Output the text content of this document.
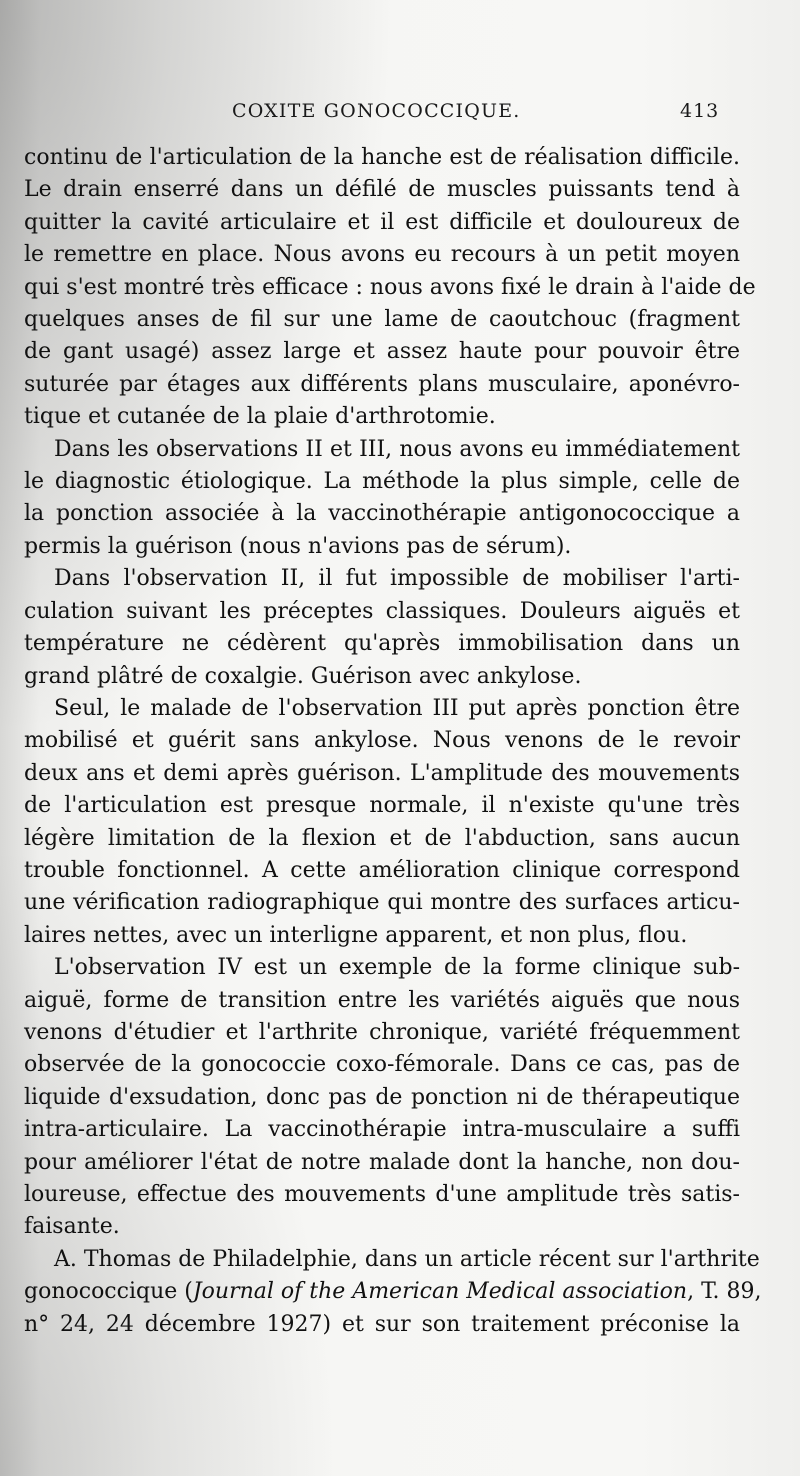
COXITE GONOCOCCIQUE.	413
continu de l'articulation de la hanche est de réalisation difficile.
Le drain enserré dans un défilé de muscles puissants tend à
quitter la cavité articulaire et il est difficile et douloureux de
le remettre en place. Nous avons eu recours à un petit moyen
qui s'est montré très efficace : nous avons fixé le drain à l'aide de
quelques anses de fil sur une lame de caoutchouc (fragment
de gant usagé) assez large et assez haute pour pouvoir être
suturée par étages aux différents plans musculaire, aponévro-
tique et cutanée de la plaie d'arthrotomie.
Dans les observations II et III, nous avons eu immédiatement
le diagnostic étiologique. La méthode la plus simple, celle de
la ponction associée à la vaccinothérapie antigonococcique a
permis la guérison (nous n'avions pas de sérum).
Dans l'observation II, il fut impossible de mobiliser l'arti-
culation suivant les préceptes classiques. Douleurs aiguës et
température ne cédèrent qu'après immobilisation dans un
grand plâtré de coxalgie. Guérison avec ankylose.
Seul, le malade de l'observation III put après ponction être
mobilisé et guérit sans ankylose. Nous venons de le revoir
deux ans et demi après guérison. L'amplitude des mouvements
de l'articulation est presque normale, il n'existe qu'une très
légère limitation de la flexion et de l'abduction, sans aucun
trouble fonctionnel. A cette amélioration clinique correspond
une vérification radiographique qui montre des surfaces articu-
laires nettes, avec un interligne apparent, et non plus, flou.
L'observation IV est un exemple de la forme clinique sub-
aiguë, forme de transition entre les variétés aiguës que nous
venons d'étudier et l'arthrite chronique, variété fréquemment
observée de la gonococcie coxo-fémorale. Dans ce cas, pas de
liquide d'exsudation, donc pas de ponction ni de thérapeutique
intra-articulaire. La vaccinothérapie intra-musculaire a suffi
pour améliorer l'état de notre malade dont la hanche, non dou-
loureuse, effectue des mouvements d'une amplitude très satis-
faisante.
A. Thomas de Philadelphie, dans un article récent sur l'arthrite
gonococcique (Journal of the American Medical association, T. 89,
n° 24, 24 décembre 1927) et sur son traitement préconise la
